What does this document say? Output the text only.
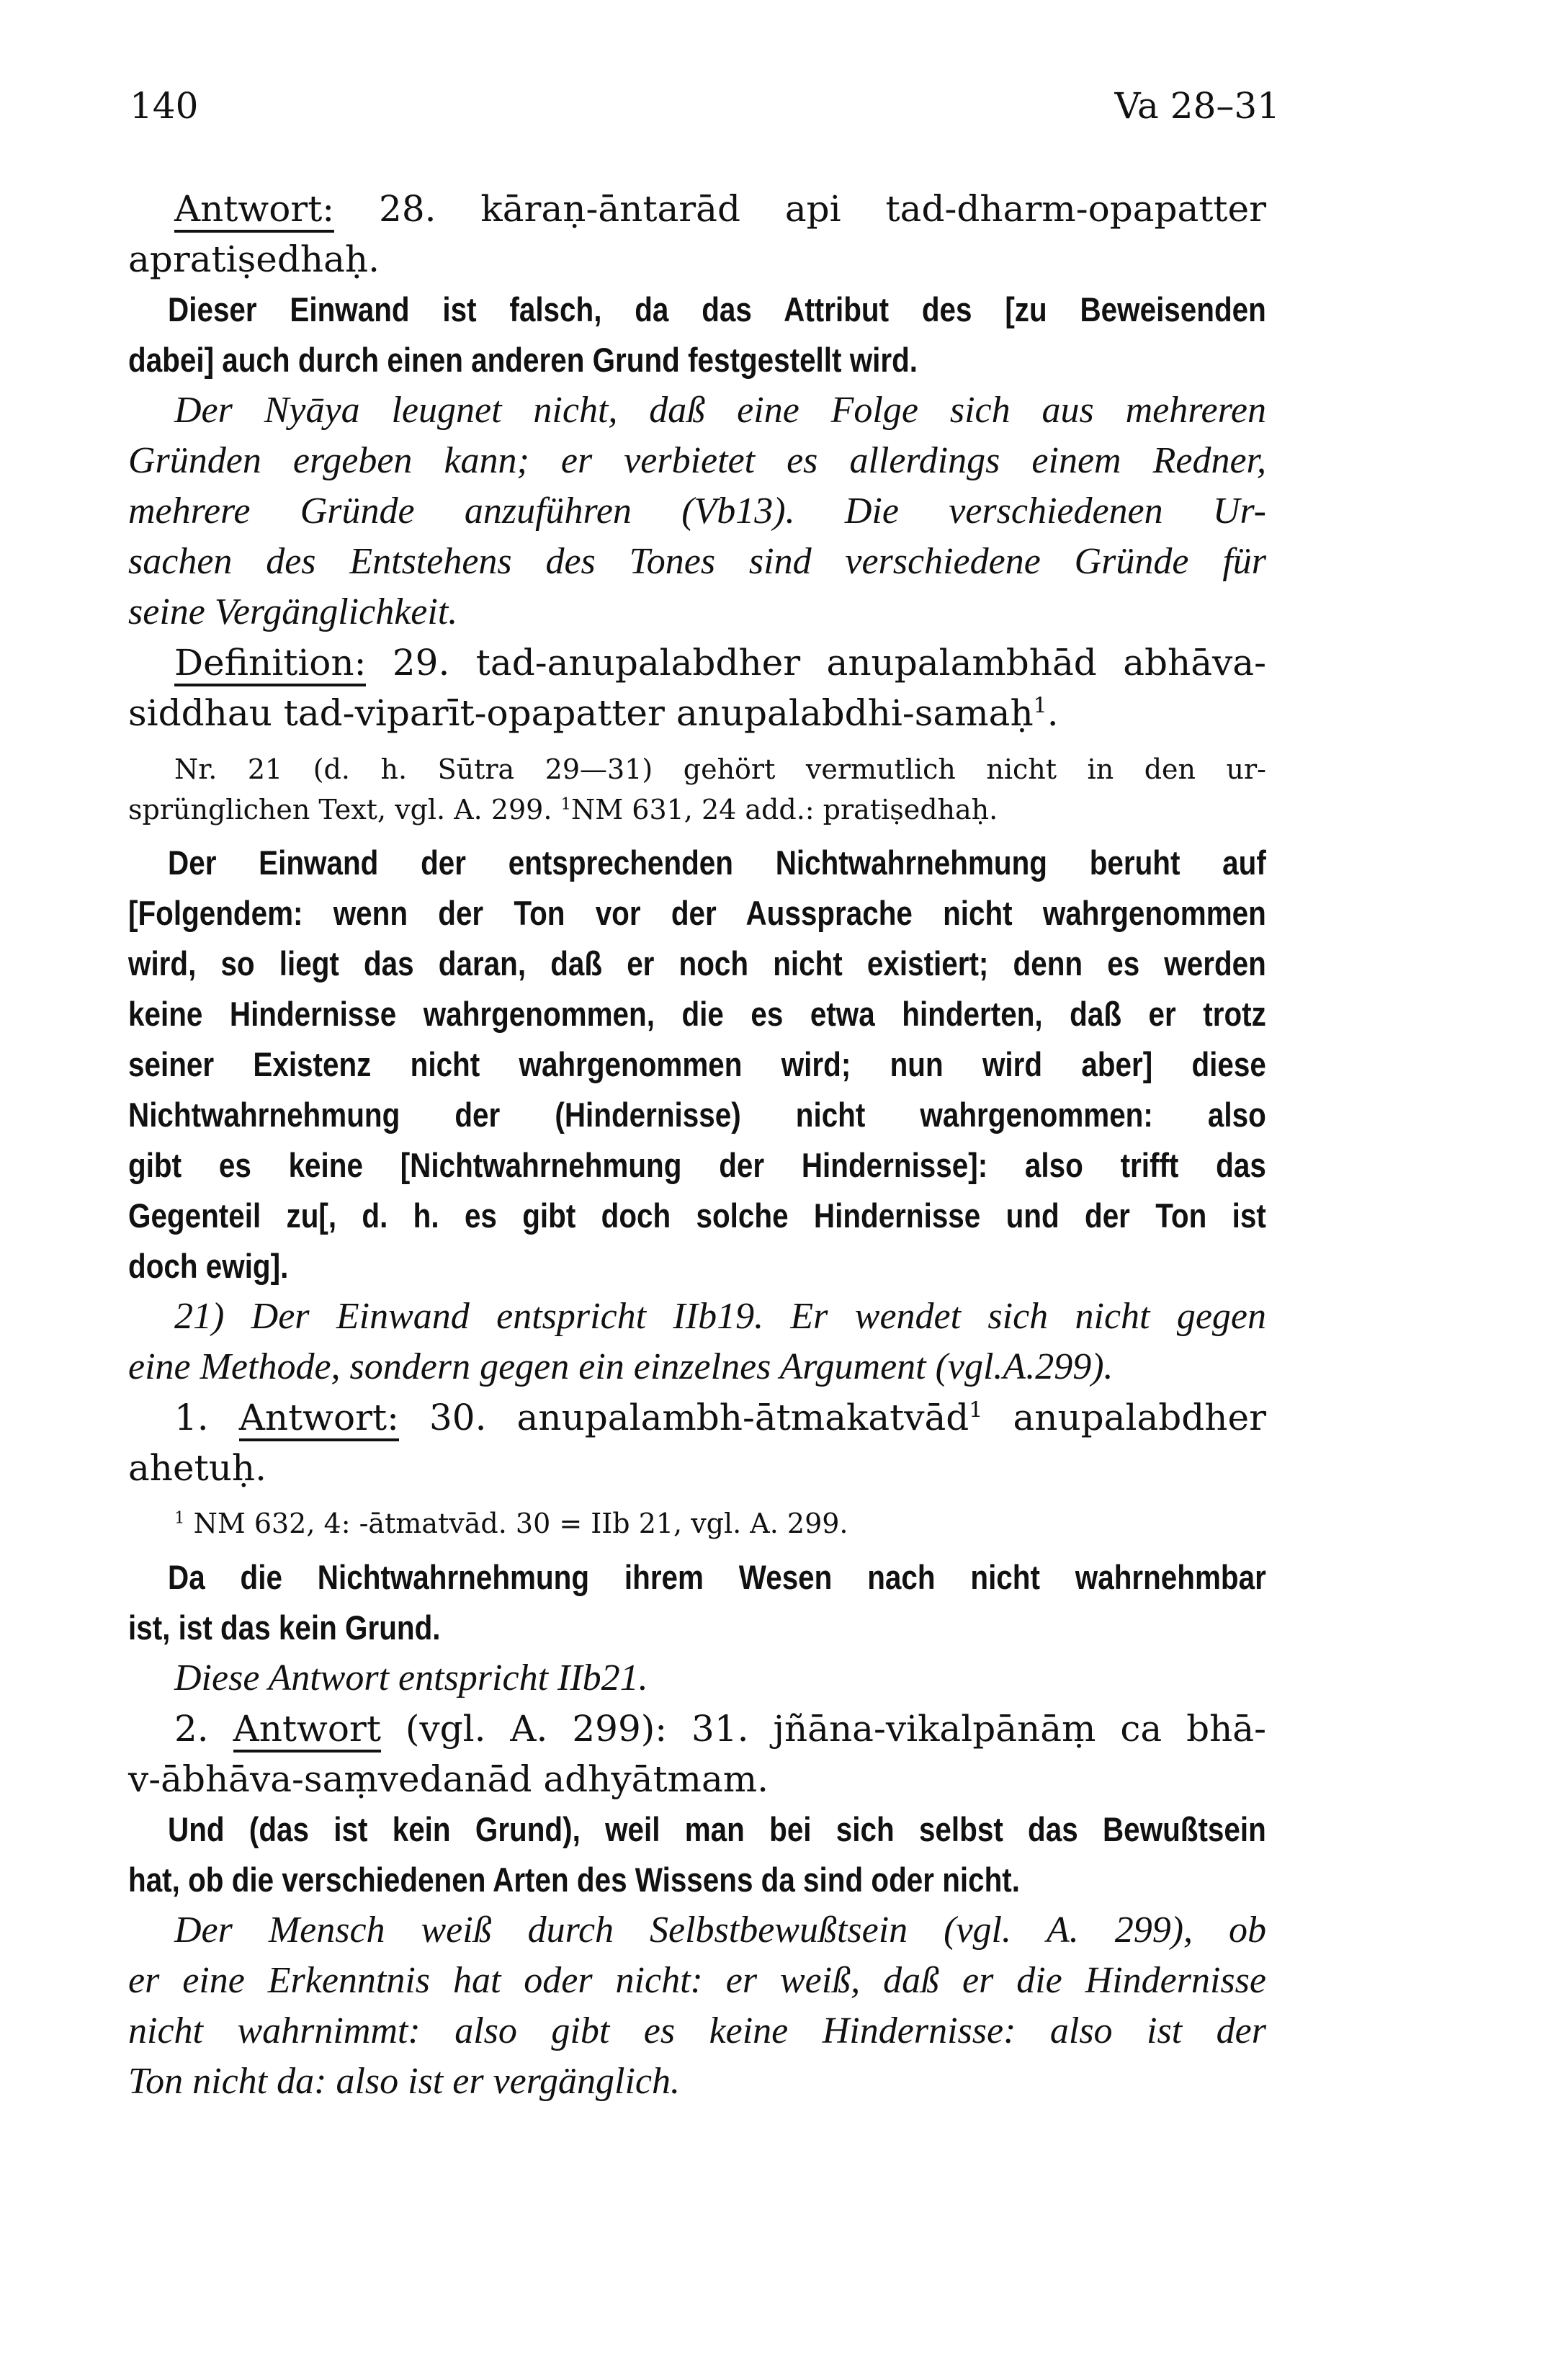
140	Va 28–31
Antwort: 28. kāraṇ-āntarād api tad-dharm-opapatter
apratiṣedhaḥ.
Dieser Einwand ist falsch, da das Attribut des [zu Beweisenden
dabei] auch durch einen anderen Grund festgestellt wird.
Der Nyāya leugnet nicht, daß eine Folge sich aus mehreren
Gründen ergeben kann; er verbietet es allerdings einem Redner,
mehrere Gründe anzuführen (Vb13). Die verschiedenen Ur-
sachen des Entstehens des Tones sind verschiedene Gründe für
seine Vergänglichkeit.
Definition: 29. tad-anupalabdher anupalambhād abhāva-
siddhau tad-viparīt-opapatter anupalabdhi-samaḥ$^1$.
Nr. 21 (d. h. Sūtra 29—31) gehört vermutlich nicht in den ur-
sprünglichen Text, vgl. A. 299. $^1$NM 631, 24 add.: pratiṣedhaḥ.
Der Einwand der entsprechenden Nichtwahrnehmung beruht auf
[Folgendem: wenn der Ton vor der Aussprache nicht wahrgenommen
wird, so liegt das daran, daß er noch nicht existiert; denn es werden
keine Hindernisse wahrgenommen, die es etwa hinderten, daß er trotz
seiner Existenz nicht wahrgenommen wird; nun wird aber] diese
Nichtwahrnehmung der (Hindernisse) nicht wahrgenommen: also
gibt es keine [Nichtwahrnehmung der Hindernisse]: also trifft das
Gegenteil zu[, d. h. es gibt doch solche Hindernisse und der Ton ist
doch ewig].
21) Der Einwand entspricht IIb19. Er wendet sich nicht gegen
eine Methode, sondern gegen ein einzelnes Argument (vgl.A.299).
1. Antwort: 30. anupalambh-ātmakatvād$^1$ anupalabdher
ahetuḥ.
$^1$ NM 632, 4: -ātmatvād. 30 = IIb 21, vgl. A. 299.
Da die Nichtwahrnehmung ihrem Wesen nach nicht wahrnehmbar
ist, ist das kein Grund.
Diese Antwort entspricht IIb21.
2. Antwort (vgl. A. 299): 31. jñāna-vikalpānāṃ ca bhā-
v-ābhāva-saṃvedanād adhyātmam.
Und (das ist kein Grund), weil man bei sich selbst das Bewußtsein
hat, ob die verschiedenen Arten des Wissens da sind oder nicht.
Der Mensch weiß durch Selbstbewußtsein (vgl. A. 299), ob
er eine Erkenntnis hat oder nicht: er weiß, daß er die Hindernisse
nicht wahrnimmt: also gibt es keine Hindernisse: also ist der
Ton nicht da: also ist er vergänglich.
